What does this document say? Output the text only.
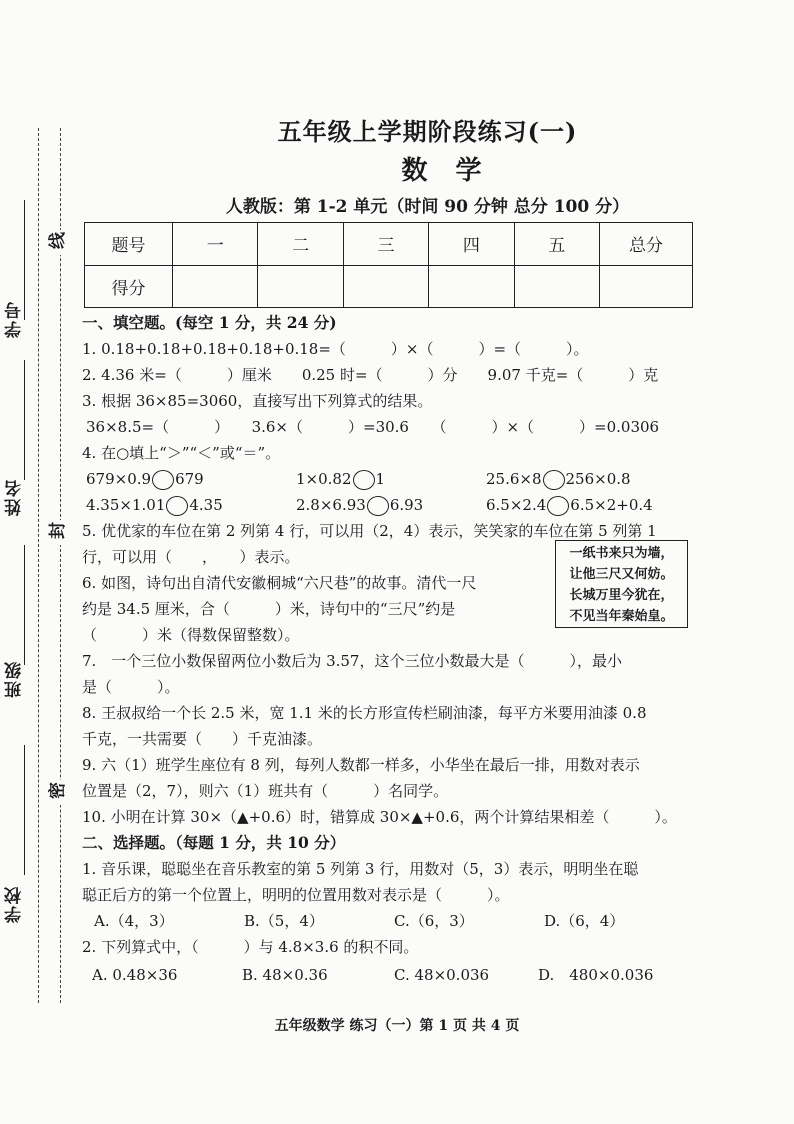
学号
姓名
班级
学校
线
封
密
五年级上学期阶段练习(一)
数学
人教版：第 1-2 单元（时间 90 分钟 总分 100 分）
题号	一	二	三	四	五	总分
得分						
一、填空题。(每空 1 分，共 24 分)
1. 0.18+0.18+0.18+0.18+0.18=（　　　）×（　　　）=（　　　）。
2. 4.36 米=（　　　）厘米　　0.25 时=（　　　）分　　9.07 千克=（　　　）克
3. 根据 36×85=3060，直接写出下列算式的结果。
36×8.5=（　　　）　　3.6×（　　　）=30.6　　（　　　）×（　　　）=0.0306
4. 在○填上“＞”“＜”或“＝”。
679×0.9 679	1×0.82 1	25.6×8 256×0.8
4.35×1.01 4.35	2.8×6.93 6.93	6.5×2.4 6.5×2+0.4
5. 优优家的车位在第 2 列第 4 行，可以用（2，4）表示，笑笑家的车位在第 5 列第 1
行，可以用（　　，　　）表示。
6. 如图，诗句出自清代安徽桐城“六尺巷”的故事。清代一尺
约是 34.5 厘米，合（　　　）米，诗句中的“三尺”约是
（　　　）米（得数保留整数）。
7.　一个三位小数保留两位小数后为 3.57，这个三位小数最大是（　　　），最小
是（　　　）。
8. 王叔叔给一个长 2.5 米，宽 1.1 米的长方形宣传栏刷油漆，每平方米要用油漆 0.8
千克，一共需要（　　）千克油漆。
9. 六（1）班学生座位有 8 列，每列人数都一样多，小华坐在最后一排，用数对表示
位置是（2，7），则六（1）班共有（　　　）名同学。
10. 小明在计算 30×（▲+0.6）时，错算成 30×▲+0.6，两个计算结果相差（　　　）。
二、选择题。（每题 1 分，共 10 分）
1. 音乐课，聪聪坐在音乐教室的第 5 列第 3 行，用数对（5，3）表示，明明坐在聪
聪正后方的第一个位置上，明明的位置用数对表示是（　　　）。
A.（4，3）	B.（5，4）	C.（6，3）	D.（6，4）
2. 下列算式中，（　　　）与 4.8×3.6 的积不同。
A. 0.48×36	B. 48×0.36	C. 48×0.036	D.　480×0.036
一纸书来只为墙，
让他三尺又何妨。
长城万里今犹在，
不见当年秦始皇。
五年级数学 练习（一）第 1 页 共 4 页
